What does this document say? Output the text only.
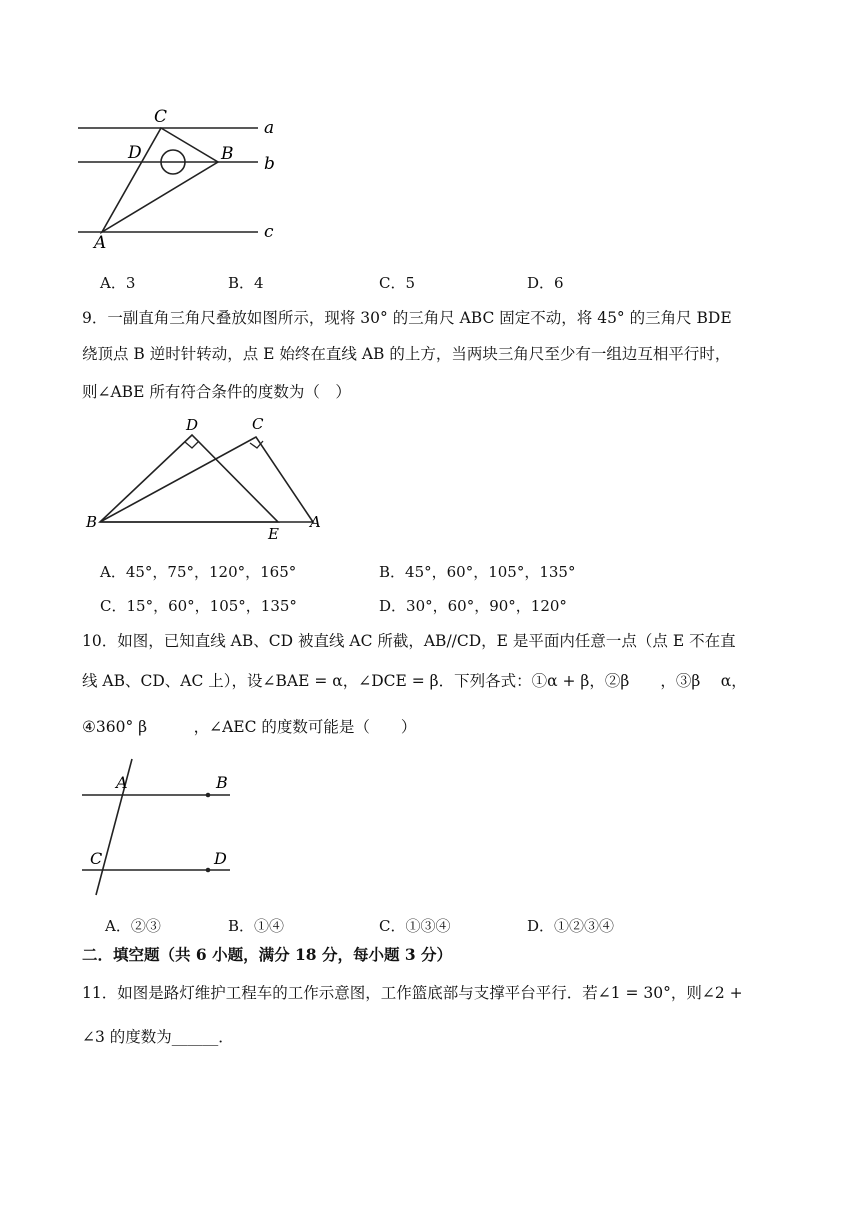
C
D	B
A
a
b
c
A．3	B．4	C．5	D．6
9．一副直角三角尺叠放如图所示，现将 30° 的三角尺 ABC 固定不动，将 45° 的三角尺 BDE
绕顶点 B 逆时针转动，点 E 始终在直线 AB 的上方，当两块三角尺至少有一组边互相平行时，
则∠ABE 所有符合条件的度数为（　）
D	C
B
E
A
A．45°，75°，120°，165°	B．45°，60°，105°，135°
C．15°，60°，105°，135°	D．30°，60°，90°，120°
10．如图，已知直线 AB、CD 被直线 AC 所截，AB//CD，E 是平面内任意一点（点 E 不在直
线 AB、CD、AC 上），设∠BAE = α，∠DCE = β．下列各式：①α + β，②β　　，③β　 α，
④360° β　　　，∠AEC 的度数可能是（　　）
A	B
C	D
A．②③	B．①④	C．①③④	D．①②③④
二．填空题（共 6 小题，满分 18 分，每小题 3 分）
11．如图是路灯维护工程车的工作示意图，工作篮底部与支撑平台平行．若∠1 = 30°，则∠2 +
∠3 的度数为______．
